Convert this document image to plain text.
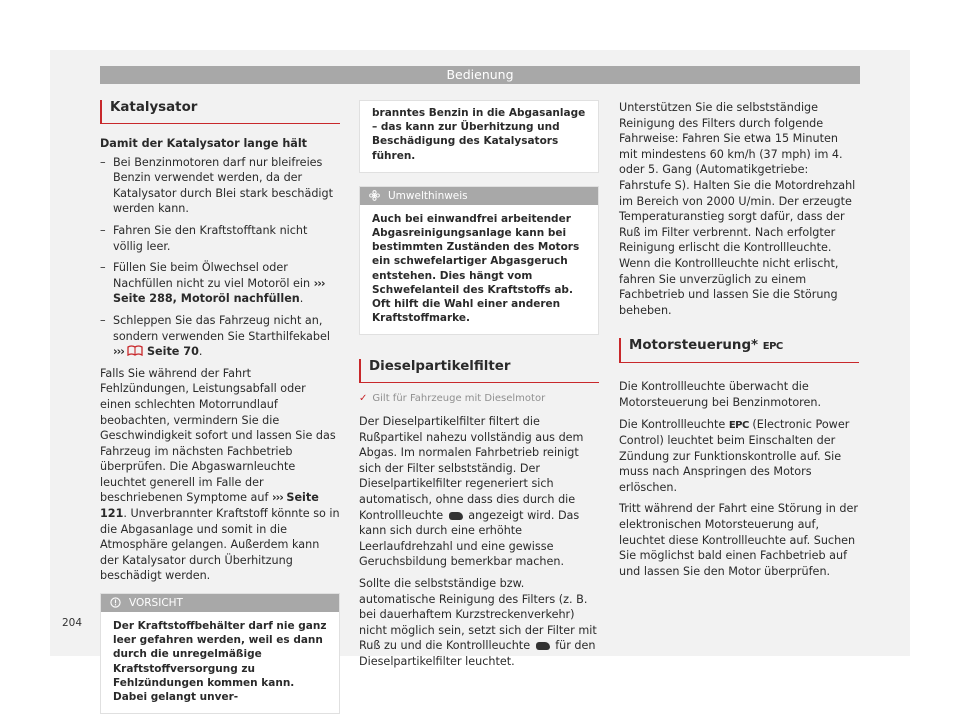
Bedienung
Katalysator

Damit der Katalysator lange hält

– Bei Benzinmotoren darf nur bleifreies Benzin verwendet werden, da der Katalysator durch Blei stark beschädigt werden kann.
– Fahren Sie den Kraftstofftank nicht völlig leer.
– Füllen Sie beim Ölwechsel oder Nachfüllen nicht zu viel Motoröl ein ››› Seite 288, Motoröl nachfüllen.
– Schleppen Sie das Fahrzeug nicht an, sondern verwenden Sie Starthilfekabel ››› Seite 70.

Falls Sie während der Fahrt Fehlzündungen, Leistungsabfall oder einen schlechten Motorrundlauf beobachten, vermindern Sie die Geschwindigkeit sofort und lassen Sie das Fahrzeug im nächsten Fachbetrieb überprüfen. Die Abgaswarnleuchte leuchtet generell im Falle der beschriebenen Symptome auf ››› Seite 121. Unverbrannter Kraftstoff könnte so in die Abgasanlage und somit in die Atmosphäre gelangen. Außerdem kann der Katalysator durch Überhitzung beschädigt werden.

VORSICHT
Der Kraftstoffbehälter darf nie ganz leer gefahren werden, weil es dann durch die unregelmäßige Kraftstoffversorgung zu Fehlzündungen kommen kann. Dabei gelangt unver-
branntes Benzin in die Abgasanlage – das kann zur Überhitzung und Beschädigung des Katalysators führen.
Umwelthinweis
Auch bei einwandfrei arbeitender Abgasreinigungsanlage kann bei bestimmten Zuständen des Motors ein schwefelartiger Abgasgeruch entstehen. Dies hängt vom Schwefelanteil des Kraftstoffs ab. Oft hilft die Wahl einer anderen Kraftstoffmarke.
Dieselpartikelfilter
✓ Gilt für Fahrzeuge mit Dieselmotor

Der Dieselpartikelfilter filtert die Rußpartikel nahezu vollständig aus dem Abgas. Im normalen Fahrbetrieb reinigt sich der Filter selbstständig. Der Dieselpartikelfilter regeneriert sich automatisch, ohne dass dies durch die Kontrollleuchte angezeigt wird. Das kann sich durch eine erhöhte Leerlaufdrehzahl und eine gewisse Geruchsbildung bemerkbar machen.

Sollte die selbstständige bzw. automatische Reinigung des Filters (z. B. bei dauerhaftem Kurzstreckenverkehr) nicht möglich sein, setzt sich der Filter mit Ruß zu und die Kontrollleuchte für den Dieselpartikelfilter leuchtet.

Unterstützen Sie die selbstständige Reinigung des Filters durch folgende Fahrweise: Fahren Sie etwa 15 Minuten mit mindestens 60 km/h (37 mph) im 4. oder 5. Gang (Automatikgetriebe: Fahrstufe S). Halten Sie die Motordrehzahl im Bereich von 2000 U/min. Der erzeugte Temperaturanstieg sorgt dafür, dass der Ruß im Filter verbrennt. Nach erfolgter Reinigung erlischt die Kontrollleuchte. Wenn die Kontrollleuchte nicht erlischt, fahren Sie unverzüglich zu einem Fachbetrieb und lassen Sie die Störung beheben.

Motorsteuerung* EPC

Die Kontrollleuchte überwacht die Motorsteuerung bei Benzinmotoren.

Die Kontrollleuchte EPC (Electronic Power Control) leuchtet beim Einschalten der Zündung zur Funktionskontrolle auf. Sie muss nach Anspringen des Motors erlöschen.

Tritt während der Fahrt eine Störung in der elektronischen Motorsteuerung auf, leuchtet diese Kontrollleuchte auf. Suchen Sie möglichst bald einen Fachbetrieb auf und lassen Sie den Motor überprüfen.

204
